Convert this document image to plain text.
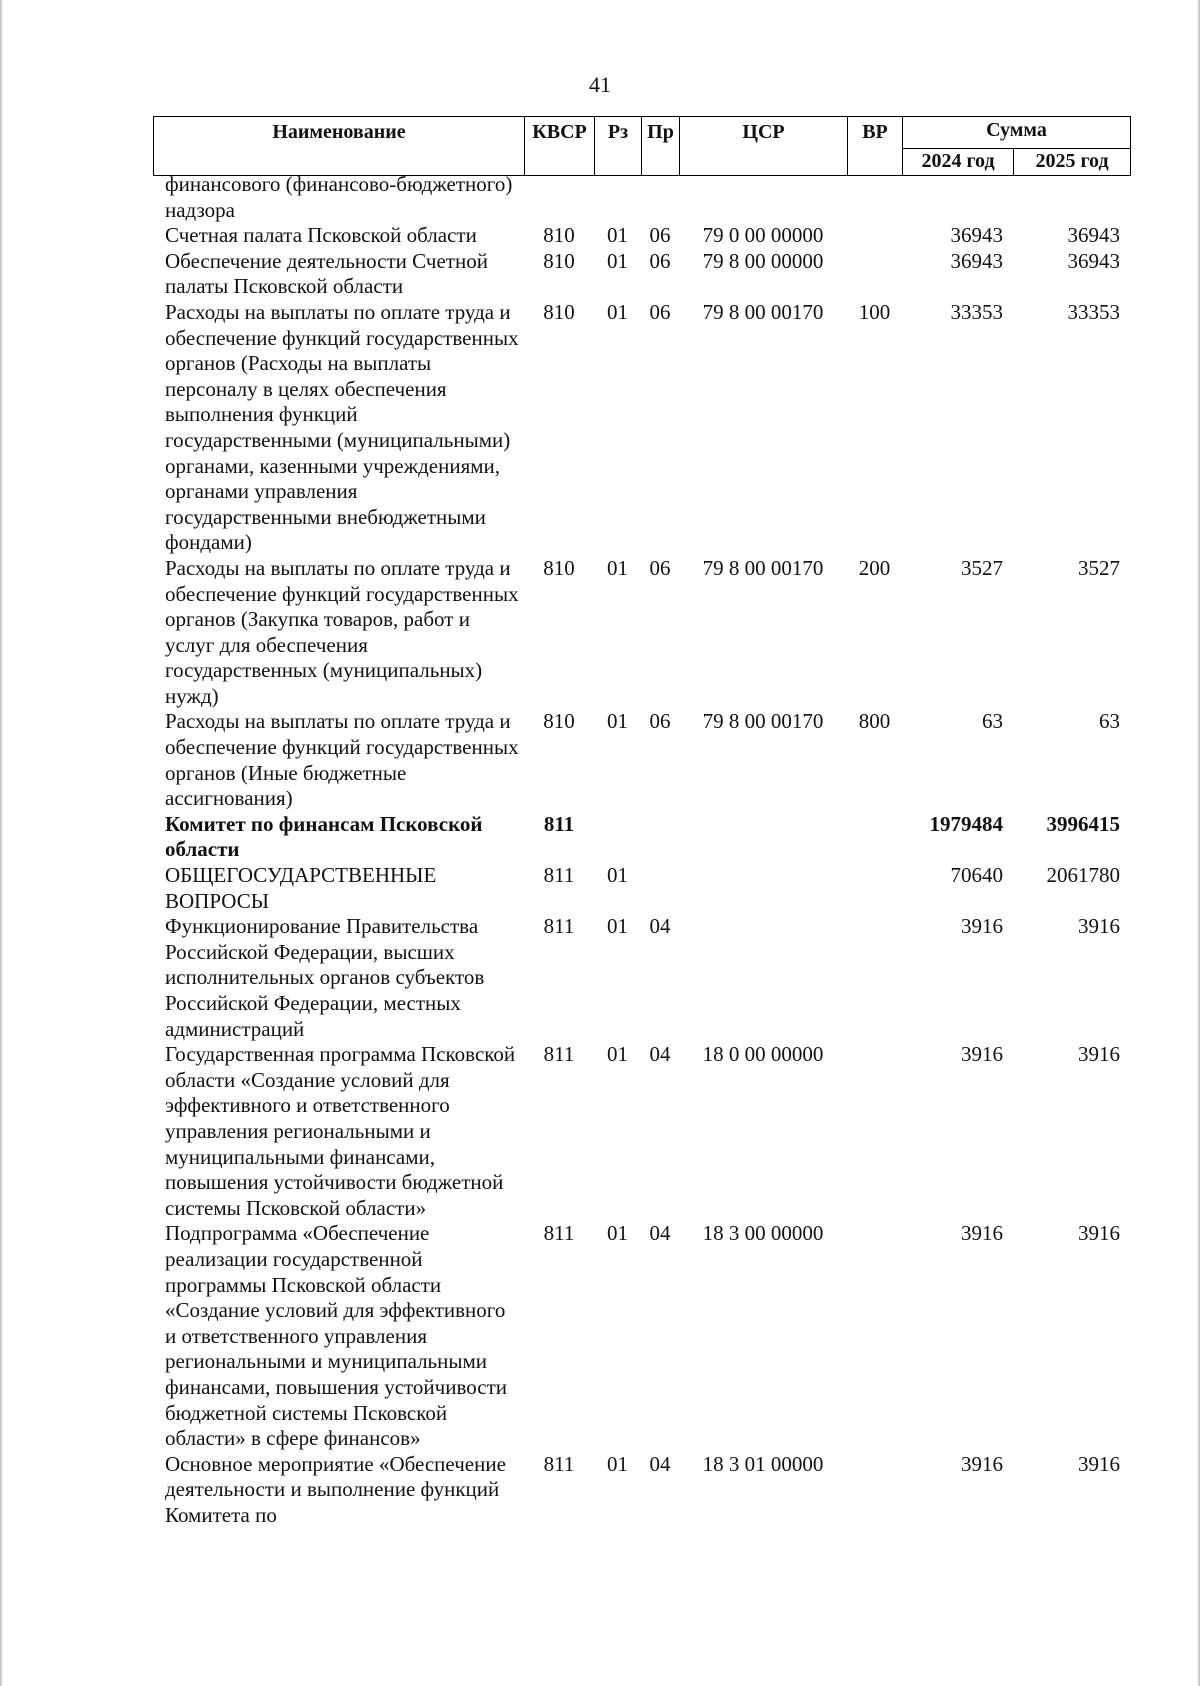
41
Наименование	КВСР	Рз	Пр	ЦСР	ВР	Сумма	
						2024 год	2025 год
финансового (финансово-бюджетного) надзора							
Счетная палата Псковской области	810	01	06	79 0 00 00000		36943	36943
Обеспечение деятельности Счетной палаты Псковской области	810	01	06	79 8 00 00000		36943	36943
Расходы на выплаты по оплате труда и обеспечение функций государственных органов (Расходы на выплаты персоналу в целях обеспечения выполнения функций государственными (муниципальными) органами, казенными учреждениями, органами управления государственными внебюджетными фондами)	810	01	06	79 8 00 00170	100	33353	33353
Расходы на выплаты по оплате труда и обеспечение функций государственных органов (Закупка товаров, работ и услуг для обеспечения государственных (муниципальных) нужд)	810	01	06	79 8 00 00170	200	3527	3527
Расходы на выплаты по оплате труда и обеспечение функций государственных органов (Иные бюджетные ассигнования)	810	01	06	79 8 00 00170	800	63	63
Комитет по финансам Псковской области	811					1979484	3996415
ОБЩЕГОСУДАРСТВЕННЫЕ ВОПРОСЫ	811	01				70640	2061780
Функционирование Правительства Российской Федерации, высших исполнительных органов субъектов Российской Федерации, местных администраций	811	01	04			3916	3916
Государственная программа Псковской области «Создание условий для эффективного и ответственного управления региональными и муниципальными финансами, повышения устойчивости бюджетной системы Псковской области»	811	01	04	18 0 00 00000		3916	3916
Подпрограмма «Обеспечение реализации государственной программы Псковской области «Создание условий для эффективного и ответственного управления региональными и муниципальными финансами, повышения устойчивости бюджетной системы Псковской области» в сфере финансов»	811	01	04	18 3 00 00000		3916	3916
Основное мероприятие «Обеспечение деятельности и выполнение функций Комитета по	811	01	04	18 3 01 00000		3916	3916
